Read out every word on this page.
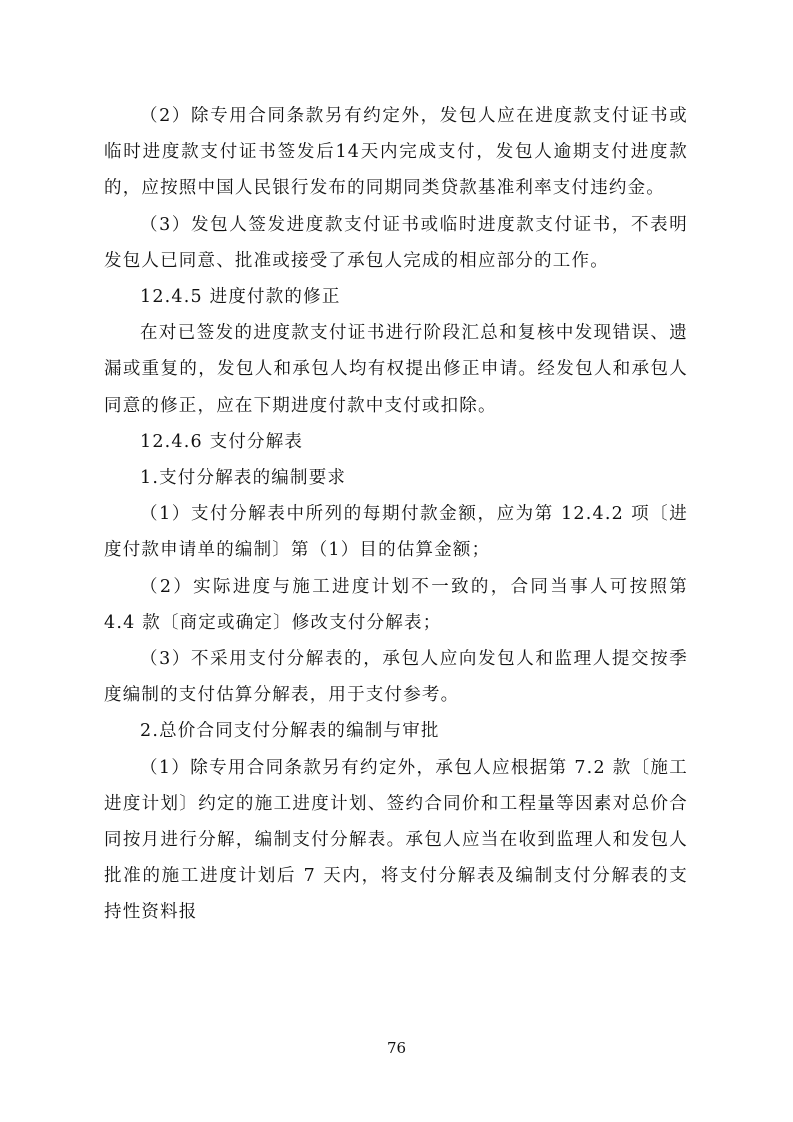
（2）除专用合同条款另有约定外，发包人应在进度款支付证书或临时进度款支付证书签发后14天内完成支付，发包人逾期支付进度款的，应按照中国人民银行发布的同期同类贷款基准利率支付违约金。

（3）发包人签发进度款支付证书或临时进度款支付证书，不表明发包人已同意、批准或接受了承包人完成的相应部分的工作。

12.4.5 进度付款的修正

在对已签发的进度款支付证书进行阶段汇总和复核中发现错误、遗漏或重复的，发包人和承包人均有权提出修正申请。经发包人和承包人同意的修正，应在下期进度付款中支付或扣除。

12.4.6 支付分解表

1.支付分解表的编制要求

（1）支付分解表中所列的每期付款金额，应为第 12.4.2 项〔进度付款申请单的编制〕第（1）目的估算金额；

（2）实际进度与施工进度计划不一致的，合同当事人可按照第 4.4 款〔商定或确定〕修改支付分解表；

（3）不采用支付分解表的，承包人应向发包人和监理人提交按季度编制的支付估算分解表，用于支付参考。

2.总价合同支付分解表的编制与审批

（1）除专用合同条款另有约定外，承包人应根据第 7.2 款〔施工进度计划〕约定的施工进度计划、签约合同价和工程量等因素对总价合同按月进行分解，编制支付分解表。承包人应当在收到监理人和发包人批准的施工进度计划后 7 天内，将支付分解表及编制支付分解表的支持性资料报

76
